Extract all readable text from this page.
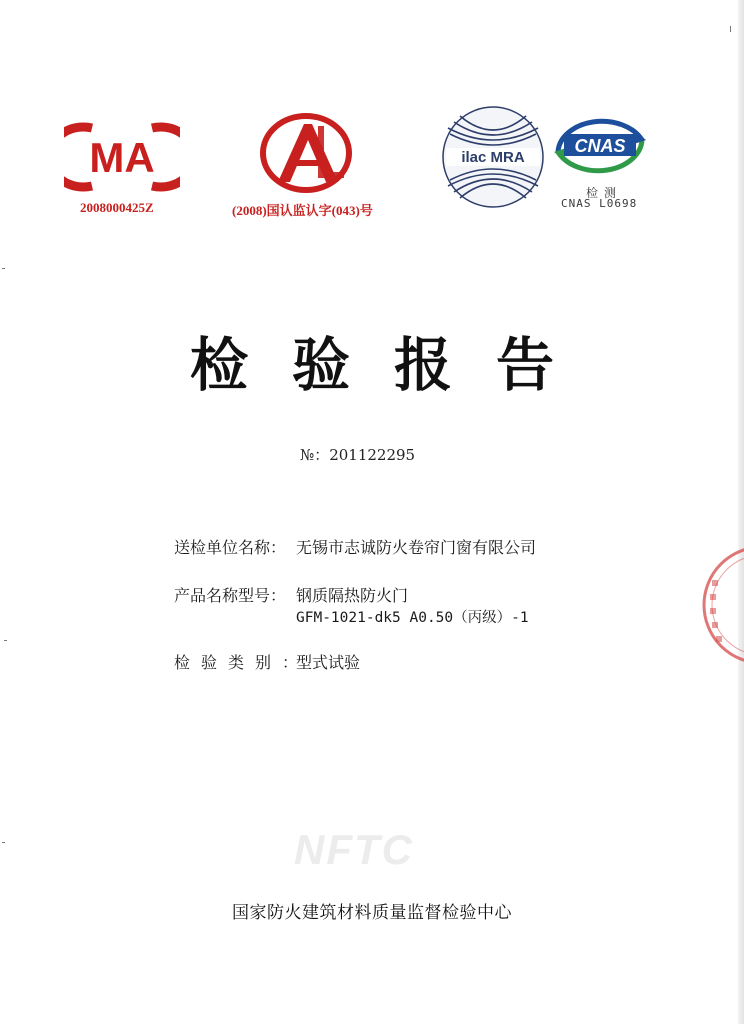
MA
2008000425Z	(2008)国认监认字(043)号
ilac MRA
CNAS
检测
CNAS L0698
检验报告
№：201122295
送检单位名称： 无锡市志诚防火卷帘门窗有限公司
产品名称型号： 钢质隔热防火门
GFM-1021-dk5 A0.50（丙级）-1
检验类别：
型式试验
NFTC
国家防火建筑材料质量监督检验中心
